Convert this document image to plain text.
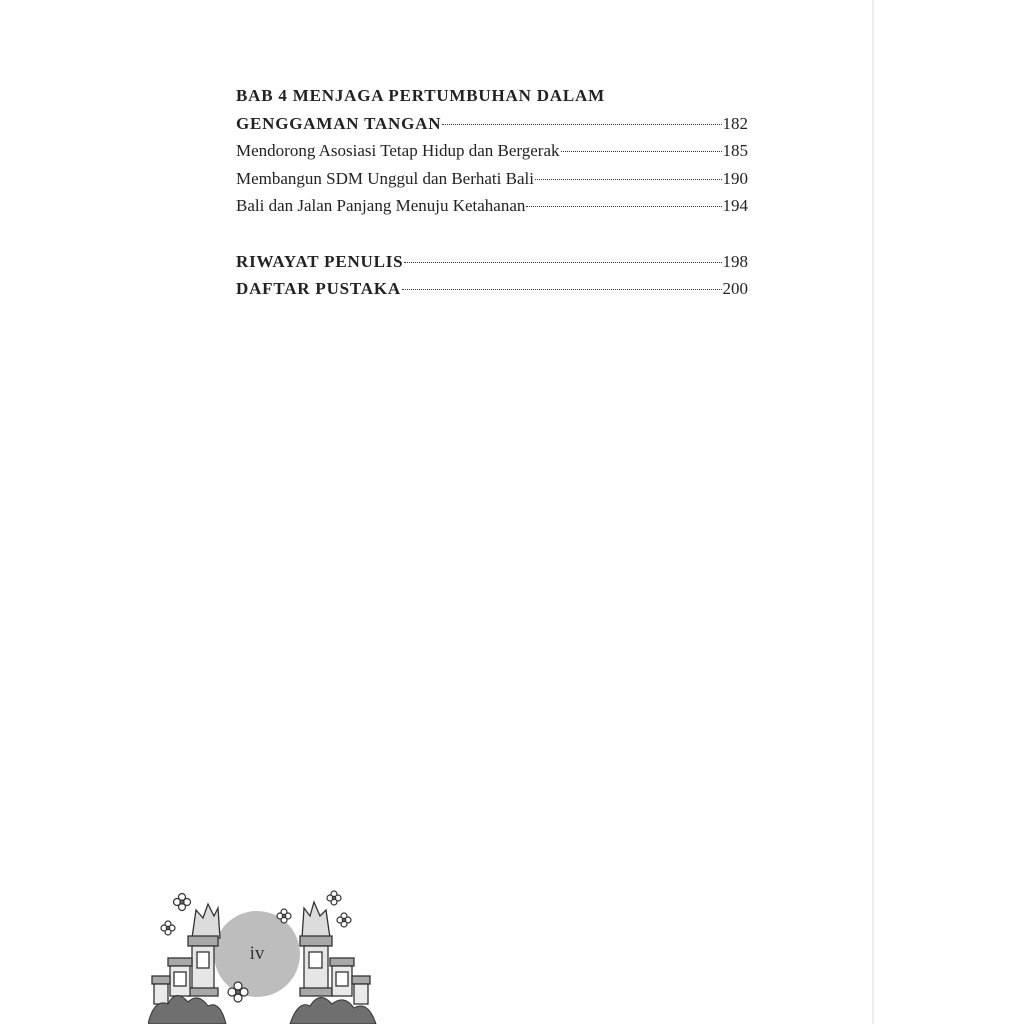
BAB 4 MENJAGA PERTUMBUHAN DALAM
GENGGAMAN TANGAN	182
Mendorong Asosiasi Tetap Hidup dan Bergerak	185
Membangun SDM Unggul dan Berhati Bali	190
Bali dan Jalan Panjang Menuju Ketahanan	194
RIWAYAT PENULIS	198
DAFTAR PUSTAKA	200
iv
